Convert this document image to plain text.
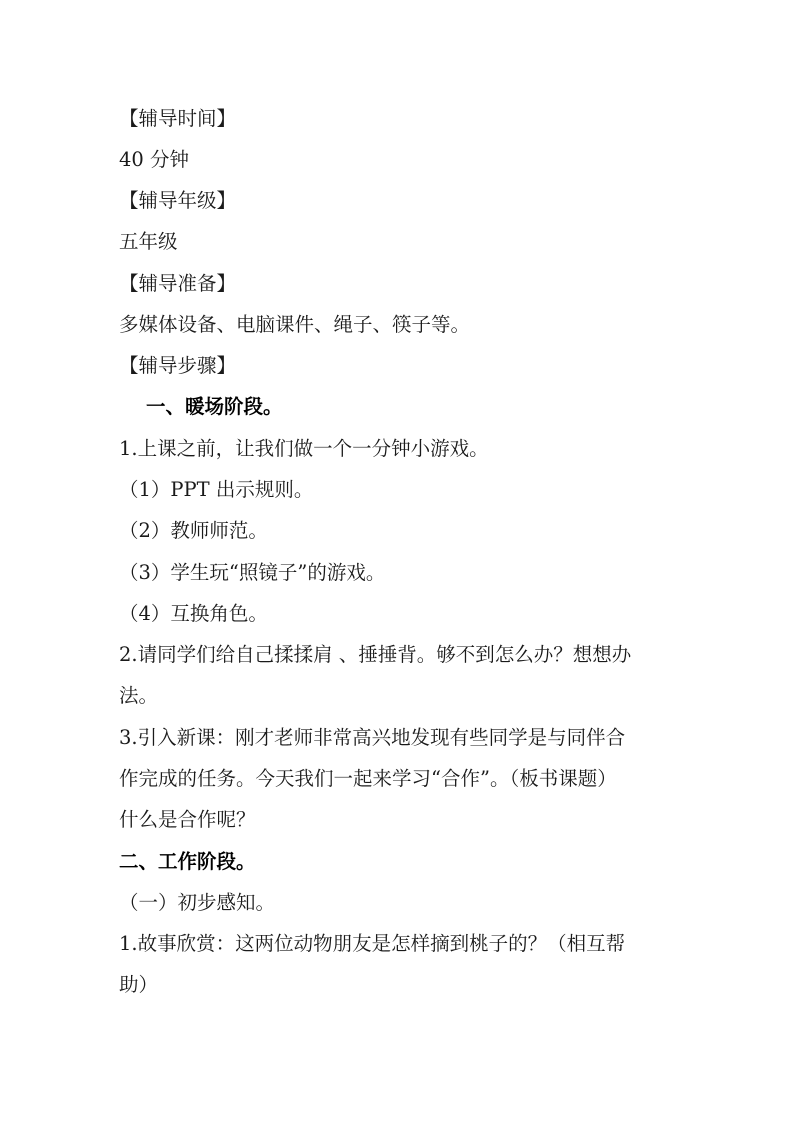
【辅导时间】
40 分钟
【辅导年级】
五年级
【辅导准备】
多媒体设备、电脑课件、绳子、筷子等。
【辅导步骤】
一、暖场阶段。
1.上课之前，让我们做一个一分钟小游戏。
（1）PPT 出示规则。
（2）教师师范。
（3）学生玩“照镜子”的游戏。
（4）互换角色。
2.请同学们给自己揉揉肩 、捶捶背。够不到怎么办？想想办
法。
3.引入新课：刚才老师非常高兴地发现有些同学是与同伴合
作完成的任务。今天我们一起来学习“合作”。（板书课题）
什么是合作呢？
二、工作阶段。
（一）初步感知。
1.故事欣赏：这两位动物朋友是怎样摘到桃子的？（相互帮
助）
